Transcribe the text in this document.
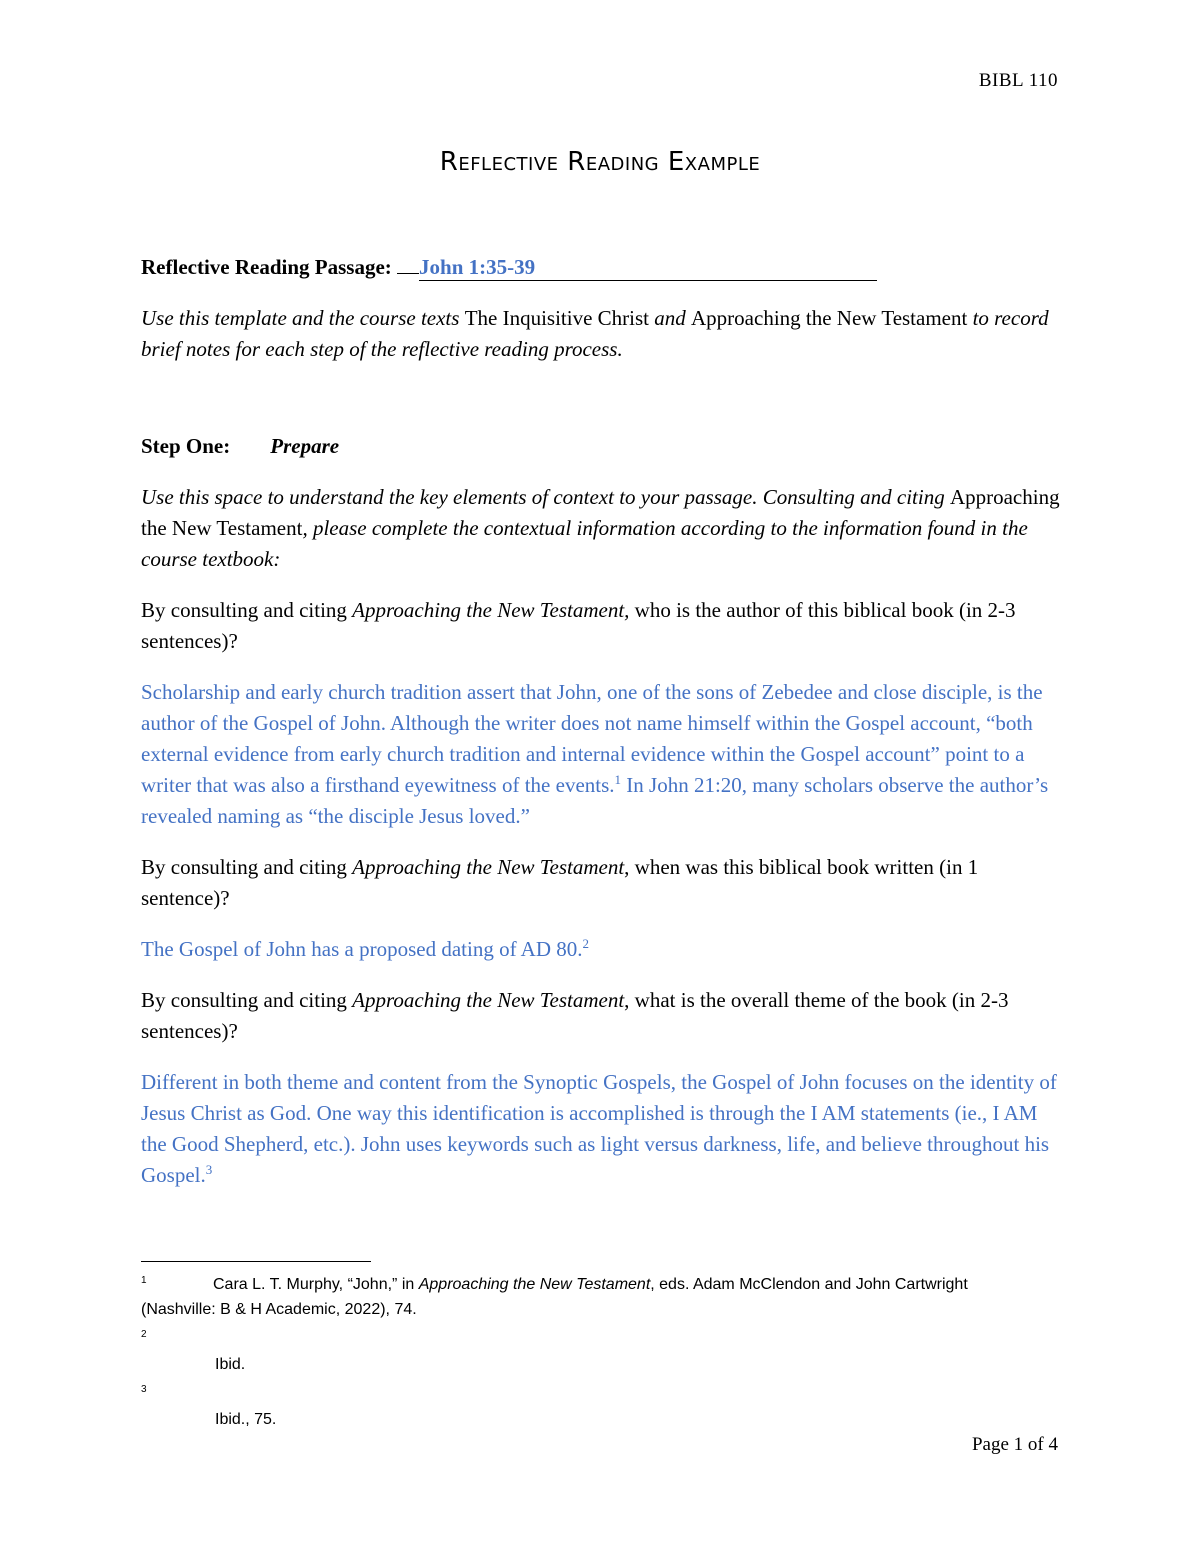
BIBL 110
Reflective Reading Example

Reflective Reading Passage: John 1:35-39

Use this template and the course texts The Inquisitive Christ and Approaching the New Testament to record brief notes for each step of the reflective reading process.

Step One: Prepare

Use this space to understand the key elements of context to your passage. Consulting and citing Approaching the New Testament, please complete the contextual information according to the information found in the course textbook:

By consulting and citing Approaching the New Testament, who is the author of this biblical book (in 2-3 sentences)?

Scholarship and early church tradition assert that John, one of the sons of Zebedee and close disciple, is the author of the Gospel of John. Although the writer does not name himself within the Gospel account, “both external evidence from early church tradition and internal evidence within the Gospel account” point to a writer that was also a firsthand eyewitness of the events.$^1$ In John 21:20, many scholars observe the author’s revealed naming as “the disciple Jesus loved.”

By consulting and citing Approaching the New Testament, when was this biblical book written (in 1 sentence)?

The Gospel of John has a proposed dating of AD 80.$^2$

By consulting and citing Approaching the New Testament, what is the overall theme of the book (in 2-3 sentences)?

Different in both theme and content from the Synoptic Gospels, the Gospel of John focuses on the identity of Jesus Christ as God. One way this identification is accomplished is through the I AM statements (ie., I AM the Good Shepherd, etc.). John uses keywords such as light versus darkness, life, and believe throughout his Gospel.$^3$

1	Cara L. T. Murphy, “John,” in Approaching the New Testament, eds. Adam McClendon and John Cartwright (Nashville: B & H Academic, 2022), 74.

2

Ibid.

3

Ibid., 75.

Page 1 of 4
